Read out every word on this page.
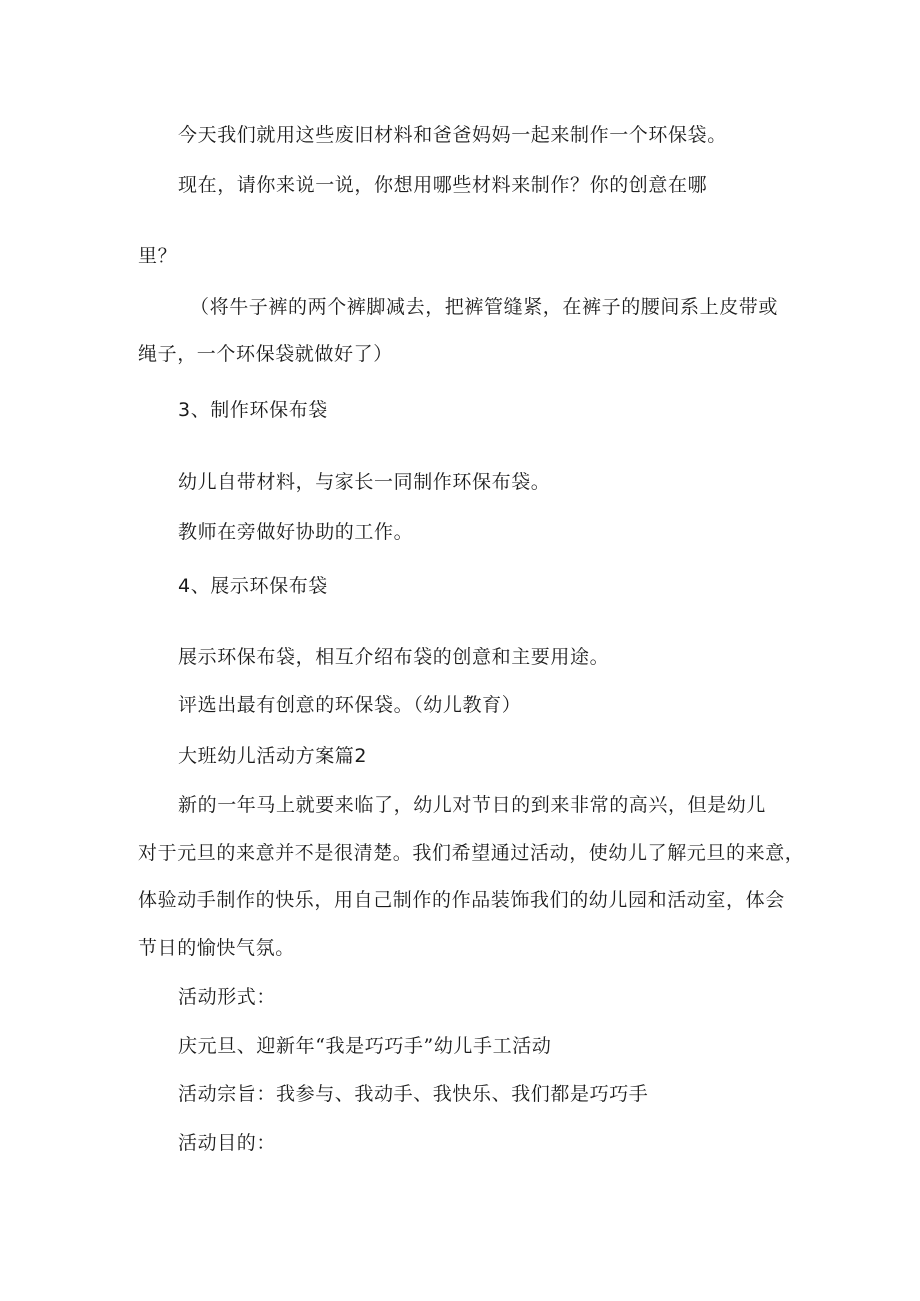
今天我们就用这些废旧材料和爸爸妈妈一起来制作一个环保袋。
现在，请你来说一说，你想用哪些材料来制作？你的创意在哪
里？
（将牛子裤的两个裤脚减去，把裤管缝紧，在裤子的腰间系上皮带或
绳子，一个环保袋就做好了）
3、制作环保布袋
幼儿自带材料，与家长一同制作环保布袋。
教师在旁做好协助的工作。
4、展示环保布袋
展示环保布袋，相互介绍布袋的创意和主要用途。
评选出最有创意的环保袋。（幼儿教育）
大班幼儿活动方案篇2
新的一年马上就要来临了，幼儿对节日的到来非常的高兴，但是幼儿
对于元旦的来意并不是很清楚。我们希望通过活动，使幼儿了解元旦的来意，
体验动手制作的快乐，用自己制作的作品装饰我们的幼儿园和活动室，体会
节日的愉快气氛。
活动形式：
庆元旦、迎新年“我是巧巧手”幼儿手工活动
活动宗旨：我参与、我动手、我快乐、我们都是巧巧手
活动目的：
